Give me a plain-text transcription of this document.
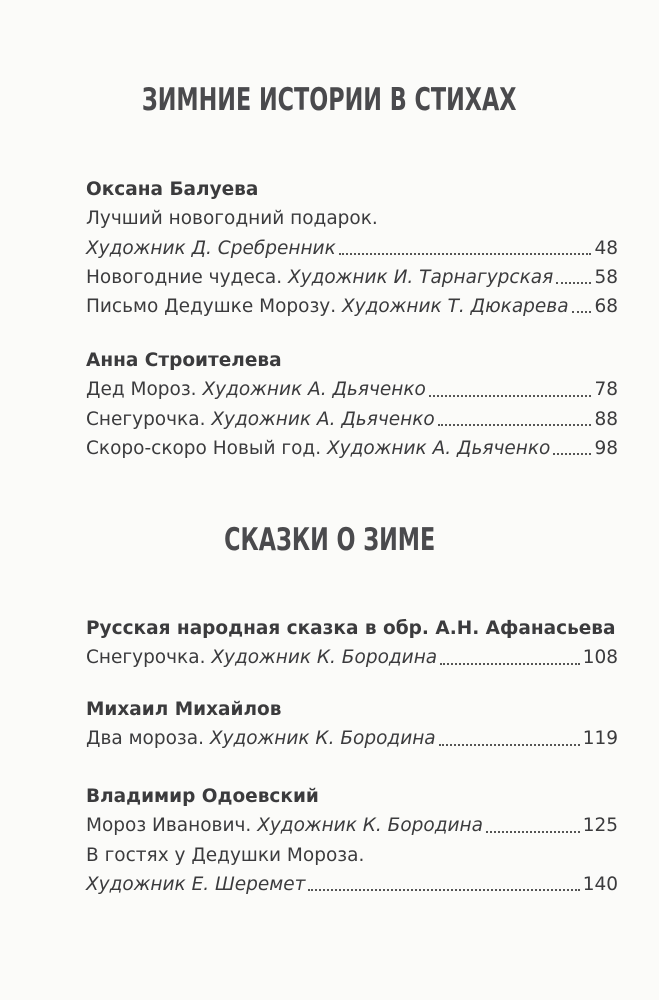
ЗИМНИЕ ИСТОРИИ В СТИХАХ
Оксана Балуева
Лучший новогодний подарок.
Художник Д. Сребренник	48
Новогодние чудеса.
Художник И. Тарнагурская 58
Письмо Дедушке Морозу.
Художник Т. Дюкарева 68
Анна Строителева
Дед Мороз.
Художник А. Дьяченко	78
Снегурочка.
Художник А. Дьяченко	88
Скоро-скоро Новый год.
Художник А. Дьяченко 98
СКАЗКИ О ЗИМЕ
Русская народная сказка в обр. А.Н. Афанасьева
Снегурочка.
Художник К. Бородина	108
Михаил Михайлов
Два мороза.
Художник К. Бородина	119
Владимир Одоевский
Мороз Иванович.
Художник К. Бородина	125
В гостях у Дедушки Мороза.
Художник Е. Шеремет	140
